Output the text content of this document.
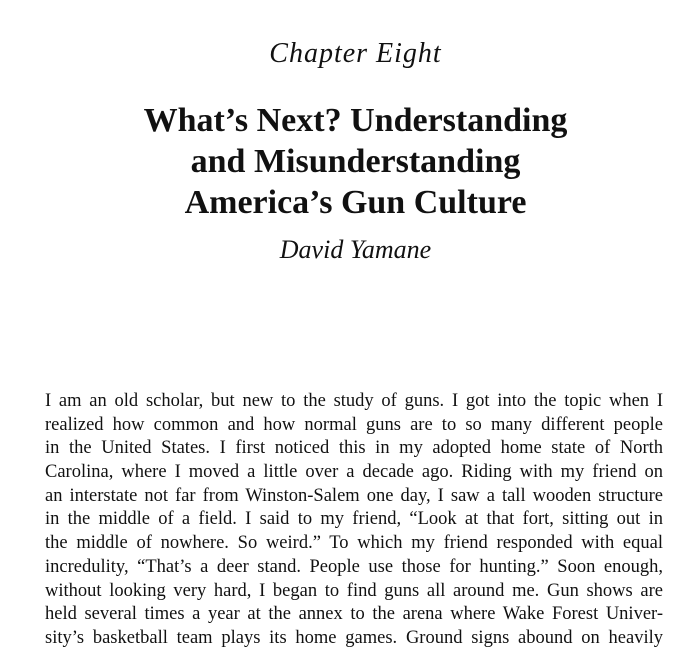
Chapter Eight
What’s Next? Understanding
and Misunderstanding
America’s Gun Culture
David Yamane
I am an old scholar, but new to the study of guns. I got into the topic when I
realized how common and how normal guns are to so many different people
in the United States. I first noticed this in my adopted home state of North
Carolina, where I moved a little over a decade ago. Riding with my friend on
an interstate not far from Winston-Salem one day, I saw a tall wooden structure
in the middle of a field. I said to my friend, “Look at that fort, sitting out in
the middle of nowhere. So weird.” To which my friend responded with equal
incredulity, “That’s a deer stand. People use those for hunting.” Soon enough,
without looking very hard, I began to find guns all around me. Gun shows are
held several times a year at the annex to the arena where Wake Forest Univer-
sity’s basketball team plays its home games. Ground signs abound on heavily
